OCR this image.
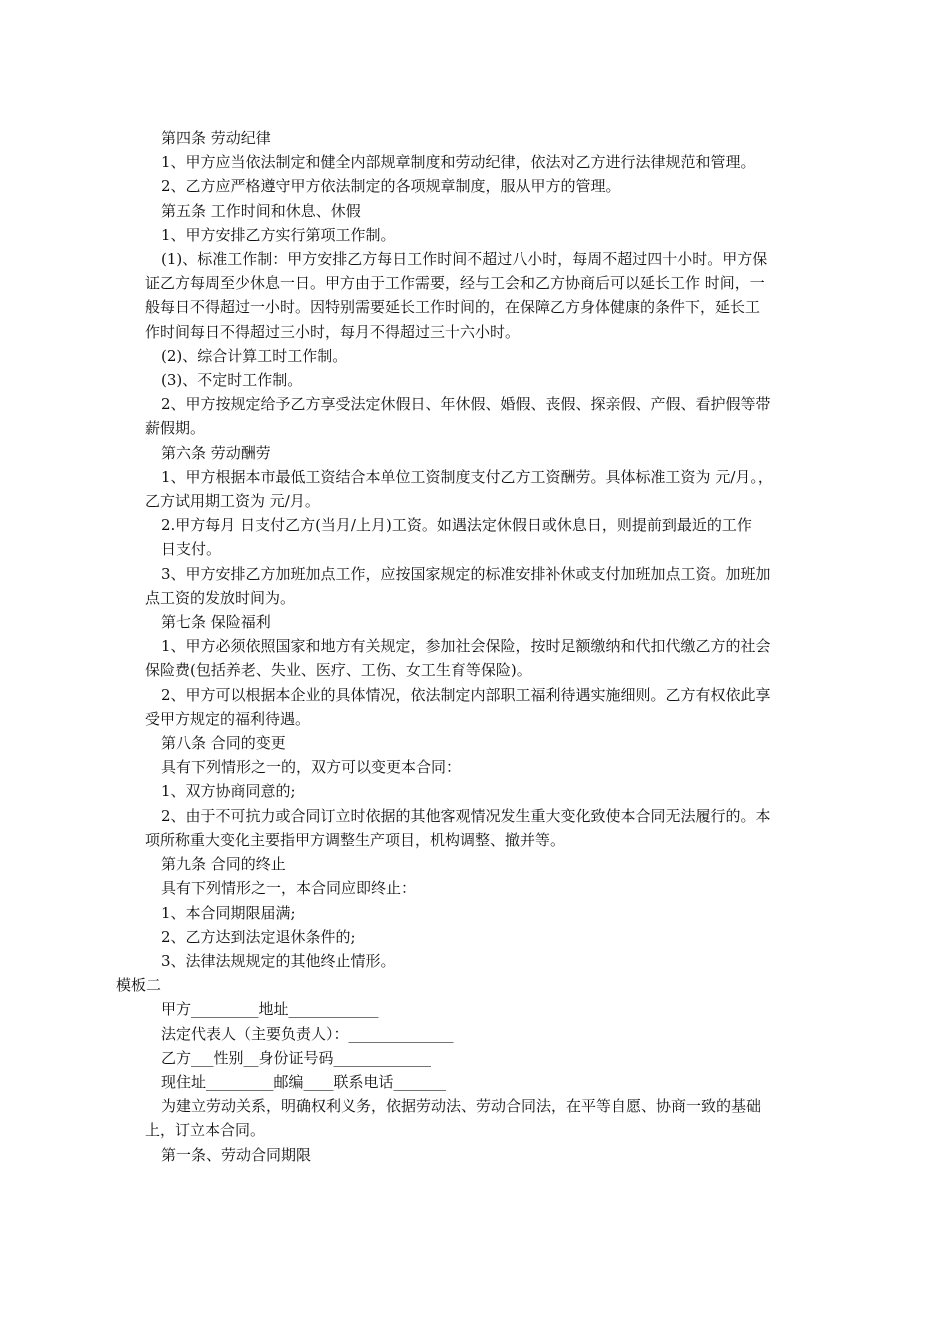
第四条 劳动纪律
1、甲方应当依法制定和健全内部规章制度和劳动纪律，依法对乙方进行法律规范和管理。
2、乙方应严格遵守甲方依法制定的各项规章制度，服从甲方的管理。
第五条 工作时间和休息、休假
1、甲方安排乙方实行第项工作制。
(1)、标准工作制：甲方安排乙方每日工作时间不超过八小时，每周不超过四十小时。甲方保
证乙方每周至少休息一日。甲方由于工作需要，经与工会和乙方协商后可以延长工作 时间，一
般每日不得超过一小时。因特别需要延长工作时间的，在保障乙方身体健康的条件下，延长工
作时间每日不得超过三小时，每月不得超过三十六小时。
(2)、综合计算工时工作制。
(3)、不定时工作制。
2、甲方按规定给予乙方享受法定休假日、年休假、婚假、丧假、探亲假、产假、看护假等带
薪假期。
第六条 劳动酬劳
1、甲方根据本市最低工资结合本单位工资制度支付乙方工资酬劳。具体标准工资为 元/月。，
乙方试用期工资为 元/月。
2.甲方每月 日支付乙方(当月/上月)工资。如遇法定休假日或休息日，则提前到最近的工作
日支付。
3、甲方安排乙方加班加点工作，应按国家规定的标准安排补休或支付加班加点工资。加班加
点工资的发放时间为。
第七条 保险福利
1、甲方必须依照国家和地方有关规定，参加社会保险，按时足额缴纳和代扣代缴乙方的社会
保险费(包括养老、失业、医疗、工伤、女工生育等保险)。
2、甲方可以根据本企业的具体情况，依法制定内部职工福利待遇实施细则。乙方有权依此享
受甲方规定的福利待遇。
第八条 合同的变更
具有下列情形之一的，双方可以变更本合同：
1、双方协商同意的;
2、由于不可抗力或合同订立时依据的其他客观情况发生重大变化致使本合同无法履行的。本
项所称重大变化主要指甲方调整生产项目，机构调整、撤并等。
第九条 合同的终止
具有下列情形之一，本合同应即终止：
1、本合同期限届满;
2、乙方达到法定退休条件的;
3、法律法规规定的其他终止情形。
模板二
甲方_________地址____________
法定代表人（主要负责人）：______________
乙方___性别__身份证号码_____________
现住址_________邮编____联系电话_______
为建立劳动关系，明确权利义务，依据劳动法、劳动合同法，在平等自愿、协商一致的基础
上，订立本合同。
第一条、劳动合同期限
